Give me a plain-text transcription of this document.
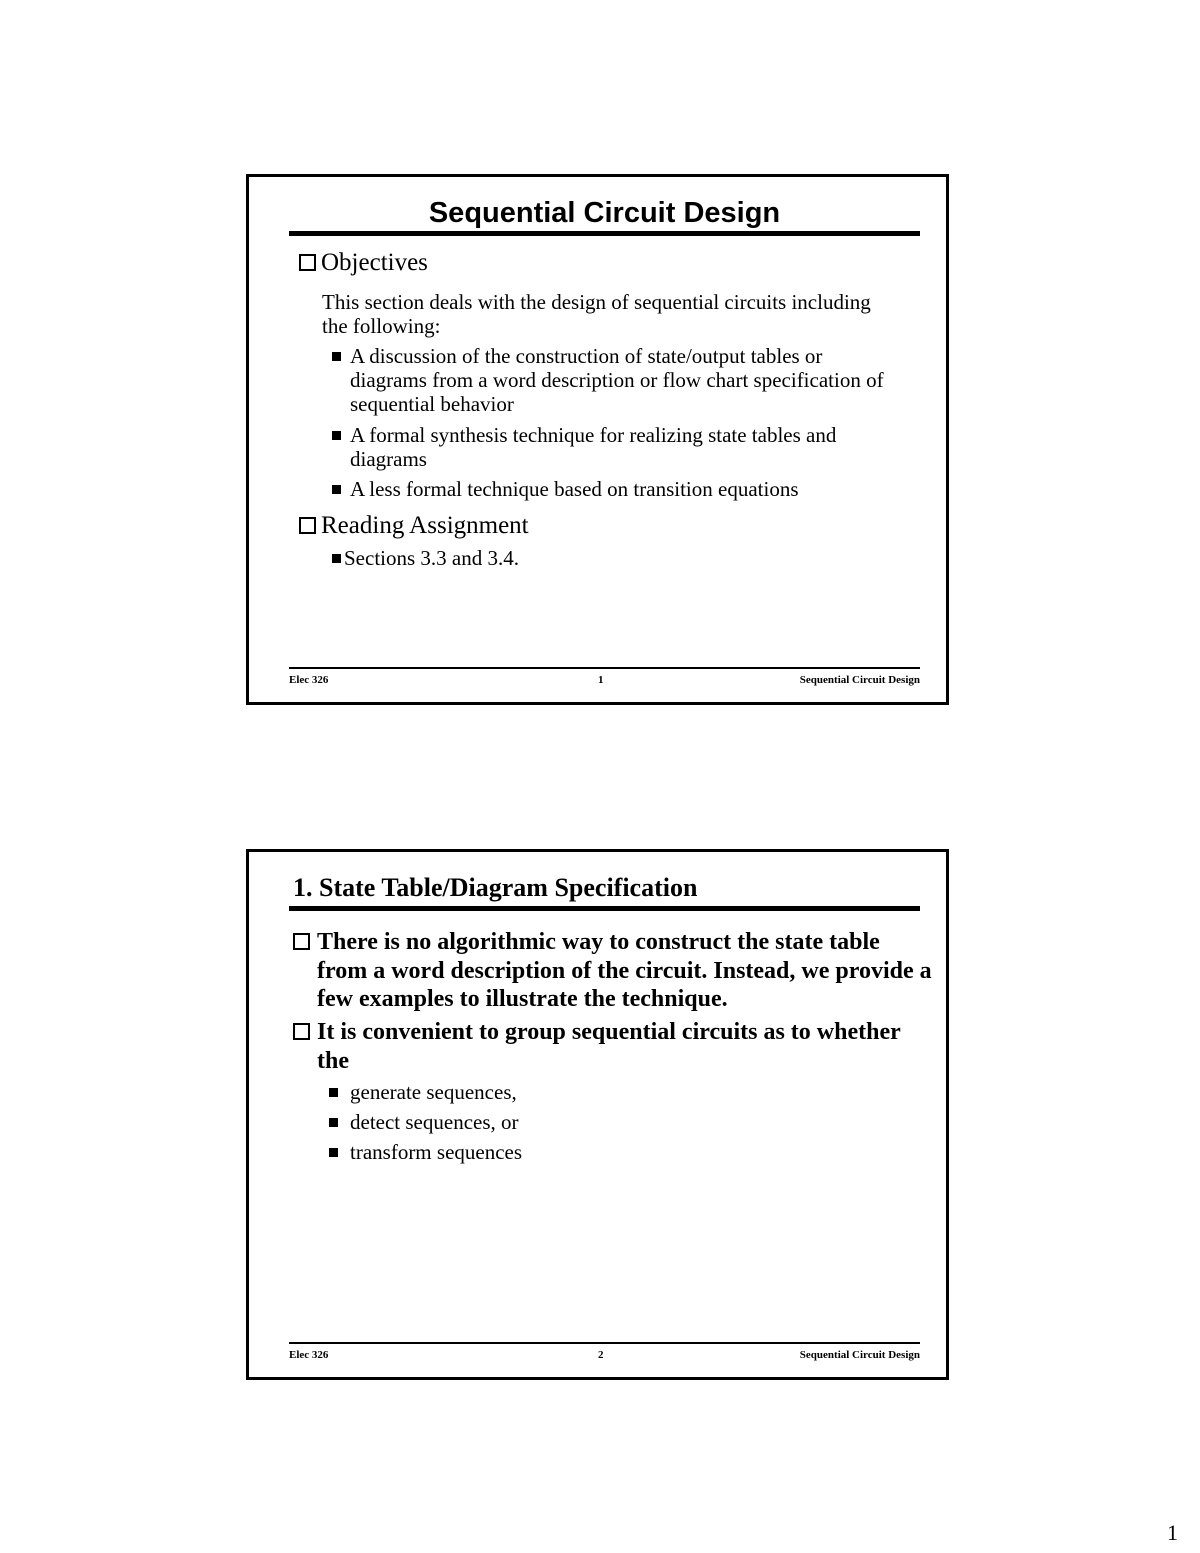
Sequential Circuit Design
Objectives
This section deals with the design of sequential circuits including the following:
A discussion of the construction of state/output tables or diagrams from a word description or flow chart specification of sequential behavior
A formal synthesis technique for realizing state tables and diagrams
A less formal technique based on transition equations
Reading Assignment
Sections 3.3 and 3.4.
Elec 326	1	Sequential Circuit Design
1. State Table/Diagram Specification
There is no algorithmic way to construct the state table from a word description of the circuit. Instead, we provide a few examples to illustrate the technique.
It is convenient to group sequential circuits as to whether the
generate sequences,
detect sequences, or
transform sequences
Elec 326	2	Sequential Circuit Design
1
